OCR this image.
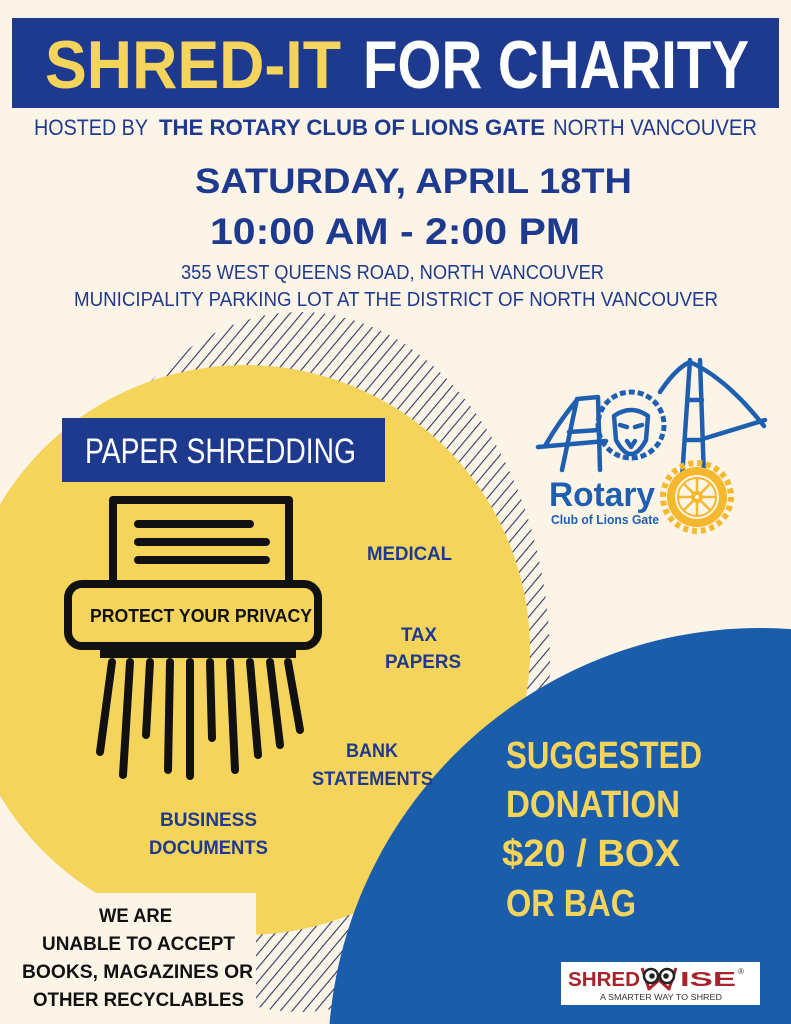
SHRED-IT FOR CHARITY
HOSTED BY THE ROTARY CLUB OF LIONS GATE NORTH VANCOUVER
SATURDAY, APRIL 18TH
10:00 AM - 2:00 PM
355 WEST QUEENS ROAD, NORTH VANCOUVER
MUNICIPALITY PARKING LOT AT THE DISTRICT OF NORTH VANCOUVER
PAPER SHREDDING
PROTECT YOUR PRIVACY
MEDICAL
TAX
PAPERS
BANK
STATEMENTS
BUSINESS
DOCUMENTS
WE ARE
UNABLE TO ACCEPT
BOOKS, MAGAZINES OR
OTHER RECYCLABLES
SUGGESTED
DONATION
$20 / BOX
OR BAG
Rotary
Club of Lions Gate
SHRED ISE ®
A SMARTER WAY TO SHRED
